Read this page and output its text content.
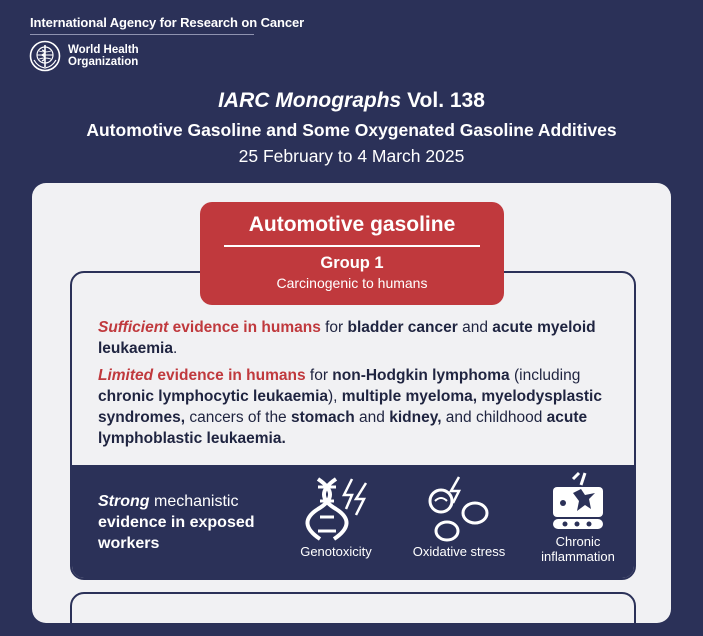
International Agency for Research on Cancer
World Health
Organization
IARC Monographs Vol. 138
Automotive Gasoline and Some Oxygenated Gasoline Additives
25 February to 4 March 2025
Automotive gasoline
Group 1
Carcinogenic to humans

Sufficient evidence in humans for bladder cancer and acute myeloid leukaemia.

Limited evidence in humans for non-Hodgkin lymphoma (including chronic lymphocytic leukaemia), multiple myeloma, myelodysplastic syndromes, cancers of the stomach and kidney, and childhood acute lymphoblastic leukaemia.

Strong mechanistic
evidence in exposed
workers	Genotoxicity	Oxidative stress
Chronic
inflammation
